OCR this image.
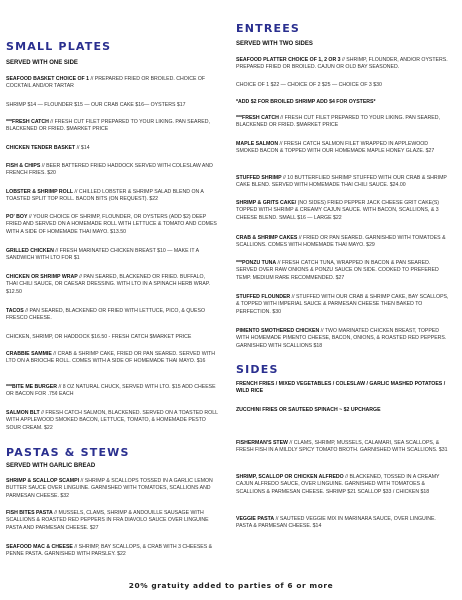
SMALL PLATES
SERVED WITH ONE SIDE
SEAFOOD BASKET CHOICE OF 1 // PREPARED FRIED OR BROILED. CHOICE OF COCKTAIL AND/OR TARTAR
SHRIMP $14 — FLOUNDER $15 — OUR CRAB CAKE $16— OYSTERS $17
***FRESH CATCH // FRESH CUT FILET PREPARED TO YOUR LIKING. PAN SEARED, BLACKENED OR FRIED. $MARKET PRICE
CHICKEN TENDER BASKET // $14
FISH & CHIPS // BEER BATTERED FRIED HADDOCK SERVED WITH COLESLAW AND FRENCH FRIES. $20
LOBSTER & SHRIMP ROLL // CHILLED LOBSTER & SHRIMP SALAD BLEND ON A TOASTED SPLIT TOP ROLL. BACON BITS (ON REQUEST). $22
PO' BOY // YOUR CHOICE OF SHRIMP, FLOUNDER, OR OYSTERS (ADD $2) DEEP FRIED AND SERVED ON A HOMEMADE ROLL WITH LETTUCE & TOMATO AND COMES WITH A SIDE OF HOMEMADE THAI MAYO. $13.50
GRILLED CHICKEN // FRESH MARINATED CHICKEN BREAST $10 — MAKE IT A SANDWICH WITH LTO FOR $1
CHICKEN OR SHRIMP WRAP // PAN SEARED, BLACKENED OR FRIED. BUFFALO, THAI CHILI SAUCE, OR CAESAR DRESSING. WITH LTO IN A SPINACH HERB WRAP. $12.50
TACOS // PAN SEARED, BLACKENED OR FRIED WITH LETTUCE, PICO, & QUESO FRESCO CHEESE.
CHICKEN, SHRIMP, OR HADDOCK $16.50 - FRESH CATCH $MARKET PRICE
CRABBIE SAMMIE // CRAB & SHRIMP CAKE, FRIED OR PAN SEARED. SERVED WITH LTO ON A BRIOCHE ROLL. COMES WITH A SIDE OF HOMEMADE THAI MAYO. $16
***BITE ME BURGER // 8 OZ NATURAL CHUCK, SERVED WITH LTO. $15 ADD CHEESE OR BACON FOR .75¢ EACH
SALMON BLT // FRESH CATCH SALMON, BLACKENED. SERVED ON A TOASTED ROLL WITH APPLEWOOD SMOKED BACON, LETTUCE, TOMATO, & HOMEMADE PESTO SOUR CREAM. $22
PASTAS & STEWS
SERVED WITH GARLIC BREAD
SHRIMP & SCALLOP SCAMPI // SHRIMP & SCALLOPS TOSSED IN A GARLIC LEMON BUTTER SAUCE OVER LINGUINE. GARNISHED WITH TOMATOES, SCALLIONS AND PARMESAN CHEESE. $32
FISH BITES PASTA // MUSSELS, CLAMS, SHRIMP & ANDOUILLE SAUSAGE WITH SCALLIONS & ROASTED RED PEPPERS IN FRA DIAVOLO SAUCE OVER LINGUINE PASTA AND PARMESAN CHEESE. $27
SEAFOOD MAC & CHEESE // SHRIMP, BAY SCALLOPS, & CRAB WITH 3 CHEESES & PENNE PASTA. GARNISHED WITH PARSLEY. $22
ENTREES
SERVED WITH TWO SIDES
SEAFOOD PLATTER CHOICE OF 1, 2 OR 3 // SHRIMP, FLOUNDER, AND/OR OYSTERS. PREPARED FRIED OR BROILED. CAJUN OR OLD BAY SEASONED.
CHOICE OF 1 $22 — CHOICE OF 2 $25 — CHOICE OF 3 $30
*ADD $2 FOR BROILED SHRIMP ADD $4 FOR OYSTERS*
***FRESH CATCH // FRESH CUT FILET PREPARED TO YOUR LIKING. PAN SEARED, BLACKENED OR FRIED. $MARKET PRICE
MAPLE SALMON // FRESH CATCH SALMON FILET WRAPPED IN APPLEWOOD SMOKED BACON & TOPPED WITH OUR HOMEMADE MAPLE HONEY GLAZE. $27
STUFFED SHRIMP // 10 BUTTERFLIED SHRIMP STUFFED WITH OUR CRAB & SHRIMP CAKE BLEND. SERVED WITH HOMEMADE THAI CHILI SAUCE. $24.00
SHRIMP & GRITS CAKE/ (NO SIDES) FRIED PEPPER JACK CHEESE GRIT CAKE(S) TOPPED WITH SHRIMP & CREAMY CAJUN SAUCE. WITH BACON, SCALLIONS, & 3 CHEESE BLEND. SMALL $16 — LARGE $22
CRAB & SHRIMP CAKES // FRIED OR PAN SEARED. GARNISHED WITH TOMATOES & SCALLIONS. COMES WITH HOMEMADE THAI MAYO. $29
***PONZU TUNA // FRESH CATCH TUNA, WRAPPED IN BACON & PAN SEARED. SERVED OVER RAW ONIONS & PONZU SAUCE ON SIDE. COOKED TO PREFERED TEMP. MEDIUM RARE RECOMMENDED. $27
STUFFED FLOUNDER // STUFFED WITH OUR CRAB & SHRIMP CAKE, BAY SCALLOPS, & TOPPED WITH IMPERIAL SAUCE & PARMESAN CHEESE THEN BAKED TO PERFECTION. $30
PIMENTO SMOTHERED CHICKEN // TWO MARINATED CHICKEN BREAST, TOPPED WITH HOMEMADE PIMENTO CHEESE, BACON, ONIONS, & ROASTED RED PEPPERS. GARNISHED WITH SCALLIONS $18
SIDES
FRENCH FRIES / MIXED VEGETABLES / COLESLAW / GARLIC MASHED POTATOES / WILD RICE
ZUCCHINI FRIES OR SAUTEED SPINACH ~ $2 UPCHARGE
FISHERMAN'S STEW // CLAMS, SHRIMP, MUSSELS, CALAMARI, SEA SCALLOPS, & FRESH FISH IN A MILDLY SPICY TOMATO BROTH. GARNISHED WITH SCALLIONS. $31
SHRIMP, SCALLOP OR CHICKEN ALFREDO // BLACKENED, TOSSED IN A CREAMY CAJUN ALFREDO SAUCE, OVER LINGUINE. GARNISHED WITH TOMATOES & SCALLIONS & PARMESAN CHEESE. SHRIMP $21 SCALLOP $33 / CHICKEN $18
VEGGIE PASTA // SAUTEED VEGGIE MIX IN MARINARA SAUCE, OVER LINGUINE. PASTA & PARMESAN CHEESE. $14
20% gratuity added to parties of 6 or more
